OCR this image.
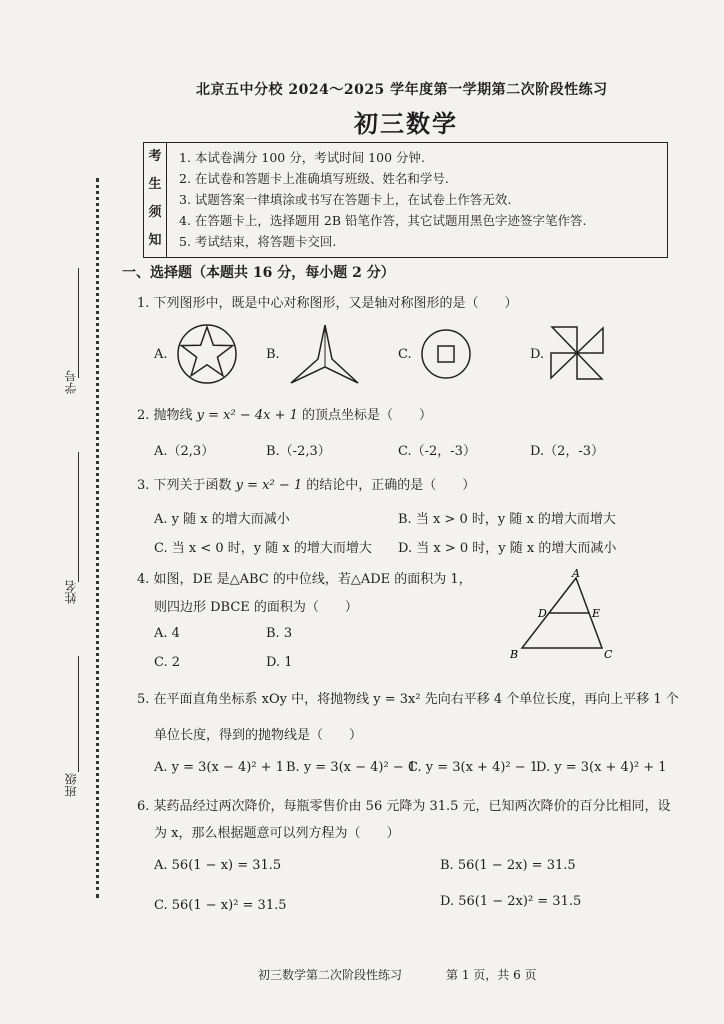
北京五中分校 2024～2025 学年度第一学期第二次阶段性练习
初三数学
考
生
须
知
1. 本试卷满分 100 分，考试时间 100 分钟.
2. 在试卷和答题卡上准确填写班级、姓名和学号.
3. 试题答案一律填涂或书写在答题卡上，在试卷上作答无效.
4. 在答题卡上，选择题用 2B 铅笔作答，其它试题用黑色字迹签字笔作答.
5. 考试结束，将答题卡交回.
学号
姓名
班级
一、选择题（本题共 16 分，每小题 2 分）
1. 下列图形中，既是中心对称图形，又是轴对称图形的是（　　）
A.	B.	C.	D.
2. 抛物线 y = x² − 4x + 1 的顶点坐标是（　　）
A.（2,3）	B.（-2,3）	C.（-2，-3）	D.（2，-3）
3. 下列关于函数 y = x² − 1 的结论中，正确的是（　　）
A. y 随 x 的增大而减小	B. 当 x > 0 时，y 随 x 的增大而增大
C. 当 x < 0 时，y 随 x 的增大而增大 D. 当 x > 0 时，y 随 x 的增大而减小
4. 如图，DE 是△ABC 的中位线，若△ADE 的面积为 1，
则四边形 DBCE 的面积为（　　）
A. 4	B. 3
C. 2	D. 1
A
D	E
B	C
5. 在平面直角坐标系 xOy 中，将抛物线 y = 3x² 先向右平移 4 个单位长度，再向上平移 1 个
单位长度，得到的抛物线是（　　）
A. y = 3(x − 4)² + 1 B. y = 3(x − 4)² − 1
C. y = 3(x + 4)² − 1
D. y = 3(x + 4)² + 1
6. 某药品经过两次降价，每瓶零售价由 56 元降为 31.5 元，已知两次降价的百分比相同，设
为 x，那么根据题意可以列方程为（　　）
A. 56(1 − x) = 31.5	B. 56(1 − 2x) = 31.5
C. 56(1 − x)² = 31.5	D. 56(1 − 2x)² = 31.5
初三数学第二次阶段性练习	第 1 页，共 6 页
